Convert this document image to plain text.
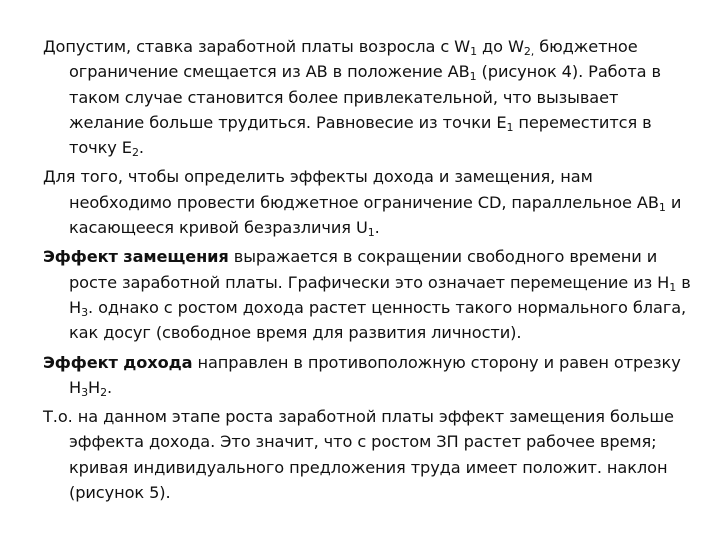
Допустим, ставка заработной платы возросла с $W_1$ до $W_{2,}$ бюджетное ограничение смещается из AB в положение $AB_1$ (рисунок 4). Работа в таком случае становится более привлекательной, что вызывает желание больше трудиться. Равновесие из точки $E_1$ переместится в точку $E_2$.

Для того, чтобы определить эффекты дохода и замещения, нам необходимо провести бюджетное ограничение CD, параллельное $AB_1$ и касающееся кривой безразличия $U_1$.

Эффект замещения выражается в сокращении свободного времени и росте заработной платы. Графически это означает перемещение из $H_1$ в $H_3$. однако с ростом дохода растет ценность такого нормального блага, как досуг (свободное время для развития личности).

Эффект дохода направлен в противоположную сторону и равен отрезку $H_3H_2$.

Т.о. на данном этапе роста заработной платы эффект замещения больше эффекта дохода. Это значит, что с ростом ЗП растет рабочее время; кривая индивидуального предложения труда имеет положит. наклон (рисунок 5).
